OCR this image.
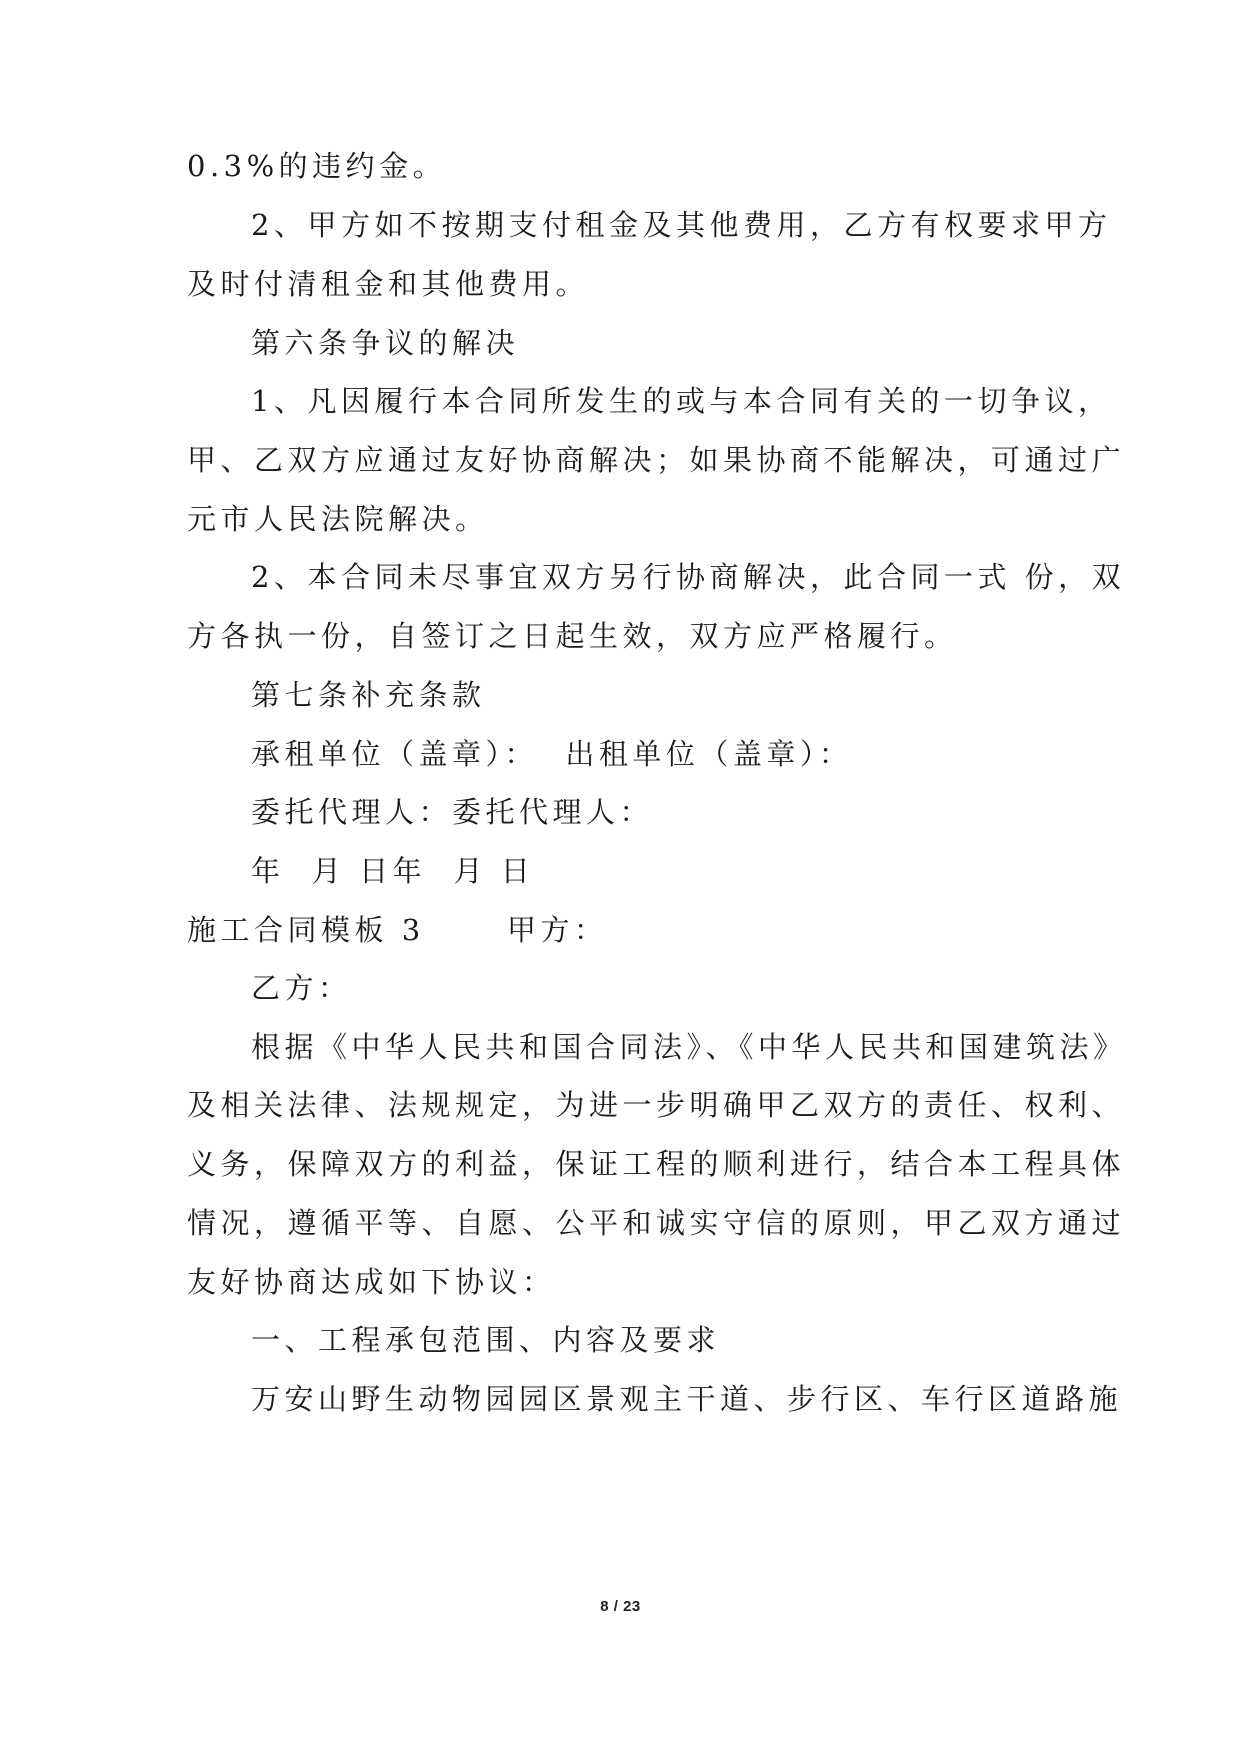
0.3%的违约金。
2、甲方如不按期支付租金及其他费用，乙方有权要求甲方
及时付清租金和其他费用。
第六条争议的解决
1、凡因履行本合同所发生的或与本合同有关的一切争议，
甲、乙双方应通过友好协商解决；如果协商不能解决，可通过广
元市人民法院解决。
2、本合同未尽事宜双方另行协商解决，此合同一式 份，双
方各执一份，自签订之日起生效，双方应严格履行。
第七条补充条款
承租单位（盖章）：  出租单位（盖章）：
委托代理人：委托代理人：
年  月 日年  月 日
施工合同模板 3      甲方：
乙方：
根据《中华人民共和国合同法》、《中华人民共和国建筑法》
及相关法律、法规规定，为进一步明确甲乙双方的责任、权利、
义务，保障双方的利益，保证工程的顺利进行，结合本工程具体
情况，遵循平等、自愿、公平和诚实守信的原则，甲乙双方通过
友好协商达成如下协议：
一、工程承包范围、内容及要求
万安山野生动物园园区景观主干道、步行区、车行区道路施
8 / 23
